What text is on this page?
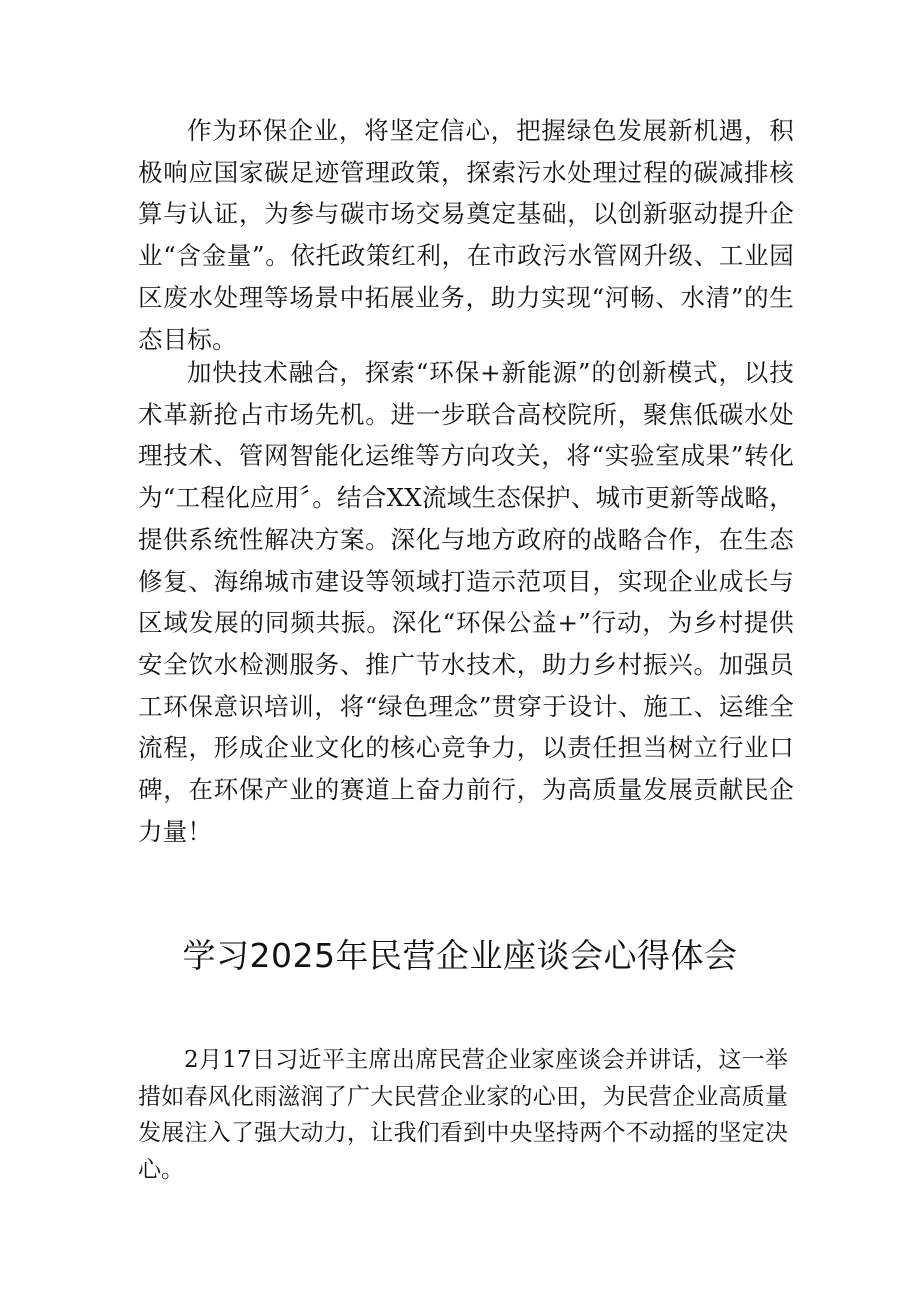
作为环保企业，将坚定信心，把握绿色发展新机遇，积极响应国家碳足迹管理政策，探索污水处理过程的碳减排核算与认证，为参与碳市场交易奠定基础，以创新驱动提升企业“含金量”。依托政策红利，在市政污水管网升级、工业园区废水处理等场景中拓展业务，助力实现“河畅、水清”的生态目标。

加快技术融合，探索“环保+新能源”的创新模式，以技术革新抢占市场先机。进一步联合高校院所，聚焦低碳水处理技术、管网智能化运维等方向攻关，将“实验室成果”转化为“工程化应用〞。结合XX流域生态保护、城市更新等战略，提供系统性解决方案。深化与地方政府的战略合作，在生态修复、海绵城市建设等领域打造示范项目，实现企业成长与区域发展的同频共振。深化“环保公益+”行动，为乡村提供安全饮水检测服务、推广节水技术，助力乡村振兴。加强员工环保意识培训，将“绿色理念”贯穿于设计、施工、运维全流程，形成企业文化的核心竞争力，以责任担当树立行业口碑，在环保产业的赛道上奋力前行，为高质量发展贡献民企力量！

学习2025年民营企业座谈会心得体会

2月17日习近平主席出席民营企业家座谈会并讲话，这一举措如春风化雨滋润了广大民营企业家的心田，为民营企业高质量发展注入了强大动力，让我们看到中央坚持两个不动摇的坚定决心。
